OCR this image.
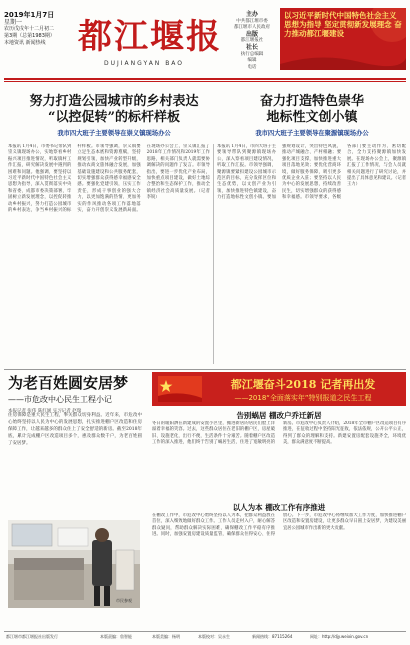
2019年1月7日
星期一
农历戊戌年十二月初二
第3期（总第1983期）
本地资讯 新闻热线 都江堰报
DUJIANGYAN BAO
主办
中共都江堰市委
都江堰市人民政府
出版
都江堰报社
社长
执行总编辑
编辑
电话
以习近平新时代中国特色社会主义思想为指导 坚定贯彻新发展理念 奋力推动都江堰建设
努力打造公园城市的乡村表达
“以控促转”的标杆样板
我市四大班子主要领导在崇义镇现场办公
奋力打造特色崇华
地标性文创小镇
我市四大班子主要领导在聚源镇现场办公
本报讯 1月4日，市委书记带队到崇义镇现场办公，实地察看乡村振兴项目推进情况，听取镇村工作汇报，研究解决发展中遇到的困难和问题。他强调，要坚持以习近平新时代中国特色社会主义思想为指导，深入贯彻落实中央和省委、成都市委决策部署，牢固树立新发展理念，以控促转推动乡村振兴，努力打造公园城市的乡村表达，争当乡村振兴的标杆样板。市领导强调，崇义镇要立足生态本底和资源禀赋，坚持规划引领，加快产业转型升级，推动农商文旅体融合发展，加强基础设施建设和公共服务配套，切实增强群众获得感幸福感安全感。要强化党建引领，压实工作责任，形成干事创业的强大合力，以更加饱满的热情、更加务实的作风推动各项工作落地落实，奋力开创崇义发展新局面。在现场办公会上，崇义镇汇报了2018年工作情况和2019年工作思路，相关部门负责人就需要协调解决的问题作了发言。市领导指出，要进一步优化产业布局，加快重点项目建设，做好土地综合整治和生态保护工作，推动全镇经济社会高质量发展。（记者 李锐）
本报讯 1月4日，市四大班子主要领导带队到聚源镇现场办公，深入察看项目建设情况，听取工作汇报。市领导强调，聚源镇要紧扣建设公园城市示范区的目标，充分发挥区位和生态优势，以文创产业为引领，加快推进特色镇建设，奋力打造地标性文创小镇。要加强规划设计，突出特色风貌，推动产城融合、产村相融；要强化项目支撑，加快推进重大项目落地见效；要优化营商环境，做好服务保障，吸引更多优质企业入驻；要坚持以人民为中心的发展思想，持续改善民生，切实增强群众的获得感和幸福感。市领导要求，各级各部门要主动作为、密切配合，全力支持聚源镇加快发展。在现场办公会上，聚源镇汇报了工作情况，与会人员就相关问题进行了研究讨论，并提出了具体意见和建议。（记者 王力）
为老百姓圆安居梦
——市危改中心民生工程小记
本报记者 张伟 陈红媛 实习记者 赵瑞
住房保障是重大民生工程，事关群众切身利益。近年来，市危改中心始终坚持以人民为中心的发展思想，扎实推进棚户区改造和住房保障工作，让越来越多的群众住上了安全舒适的新房。截至2018年底，累计完成棚户区改造项目多个，惠及群众数千户，为老百姓圆了安居梦。
市民参观
都江堰奋斗2018 记者再出发
——2018“全面落实年”特别报道之民生工程
告别蜗居 棚改户乔迁新居
冬日的暖阳洒在新建成的安置小区里，搬进新居的居民们脸上洋溢着幸福的笑容。过去，这些群众居住在老旧的棚户区，房屋破旧、设施老化，出行不便，生活条件十分艰苦。随着棚户区改造工作的深入推进，他们终于告别了蜗居生活，住进了宽敞明亮的新房。市危改中心负责人介绍，2018年全市棚户区改造项目有序推进，在征收过程中坚持阳光征收，依法依规，公开公平公正，得到了群众的理解和支持。新建安置房配套设施齐全，环境优美，群众满意度不断提高。
以人为本 棚改工作有序推进
在棚改工作中，市危改中心始终坚持以人为本，把群众利益放在首位，深入细致地做好群众工作。工作人员走村入户，耐心解答群众疑问，帮助群众解决实际困难，确保棚改工作平稳有序推进。同时，加强安置房建设质量监管，确保群众住得安心、住得放心。下一步，市危改中心将继续加大工作力度，加快推进棚户区改造和安置房建设，让更多群众早日圆上安居梦，为建设美丽宜居公园城市作出新的更大贡献。
都江堰市都江堰报社出版发行	本版责编：詹智能	本版美编：杨明	本版校对：吴永生	新闻热线：87115264	网址：http://djy.weixin.gov.cn
